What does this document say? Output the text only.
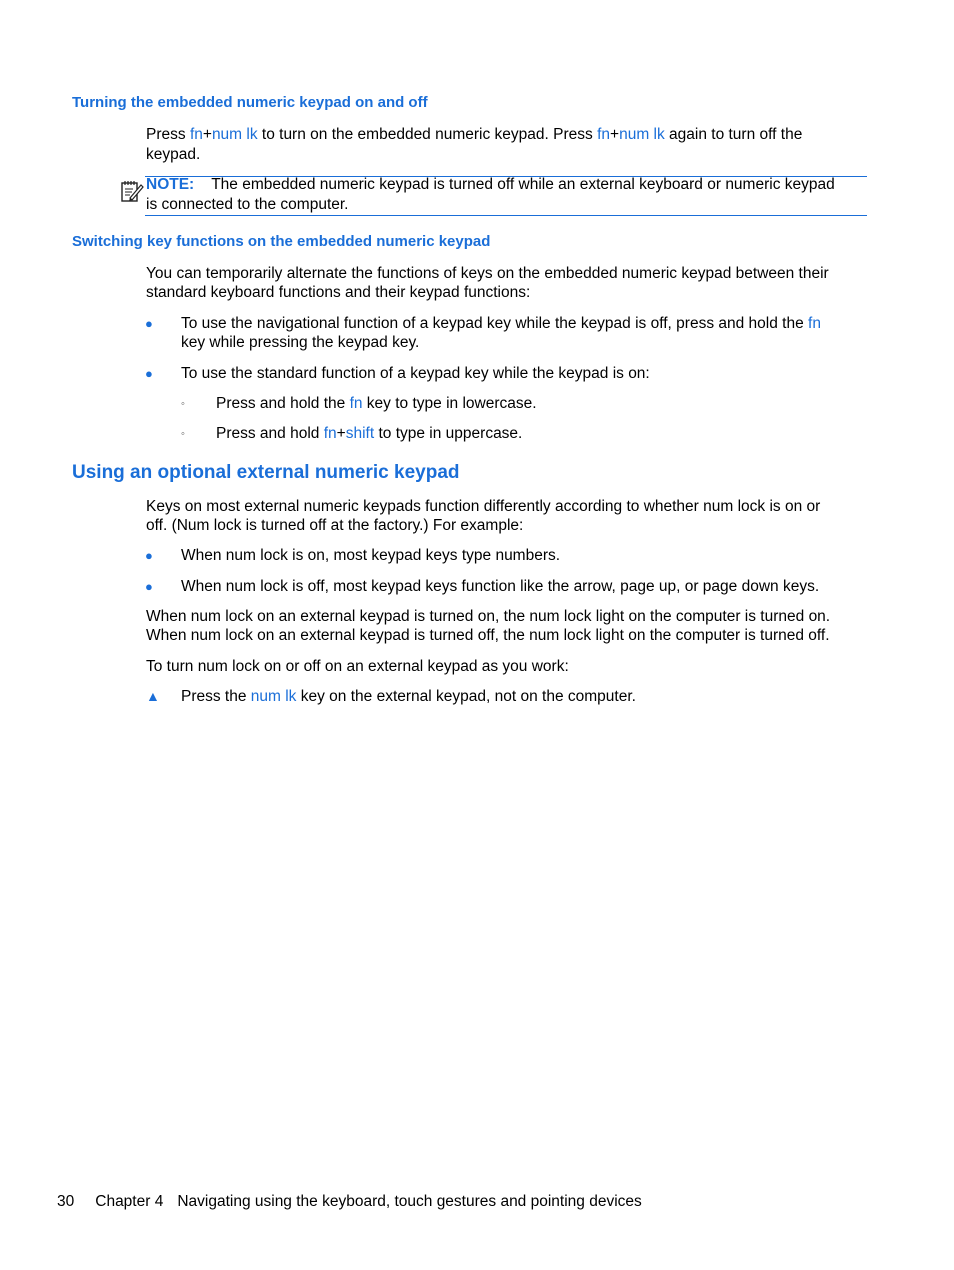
Turning the embedded numeric keypad on and off
Press fn+num lk to turn on the embedded numeric keypad. Press fn+num lk again to turn off the
keypad.
NOTE: The embedded numeric keypad is turned off while an external keyboard or numeric keypad
is connected to the computer.
Switching key functions on the embedded numeric keypad
You can temporarily alternate the functions of keys on the embedded numeric keypad between their
standard keyboard functions and their keypad functions:
● To use the navigational function of a keypad key while the keypad is off, press and hold the fn
key while pressing the keypad key.
● To use the standard function of a keypad key while the keypad is on:
◦ Press and hold the fn key to type in lowercase.
◦ Press and hold fn+shift to type in uppercase.
Using an optional external numeric keypad
Keys on most external numeric keypads function differently according to whether num lock is on or
off. (Num lock is turned off at the factory.) For example:
● When num lock is on, most keypad keys type numbers.
● When num lock is off, most keypad keys function like the arrow, page up, or page down keys.
When num lock on an external keypad is turned on, the num lock light on the computer is turned on.
When num lock on an external keypad is turned off, the num lock light on the computer is turned off.
To turn num lock on or off on an external keypad as you work:
▲ Press the num lk key on the external keypad, not on the computer.
30 Chapter 4 Navigating using the keyboard, touch gestures and pointing devices
